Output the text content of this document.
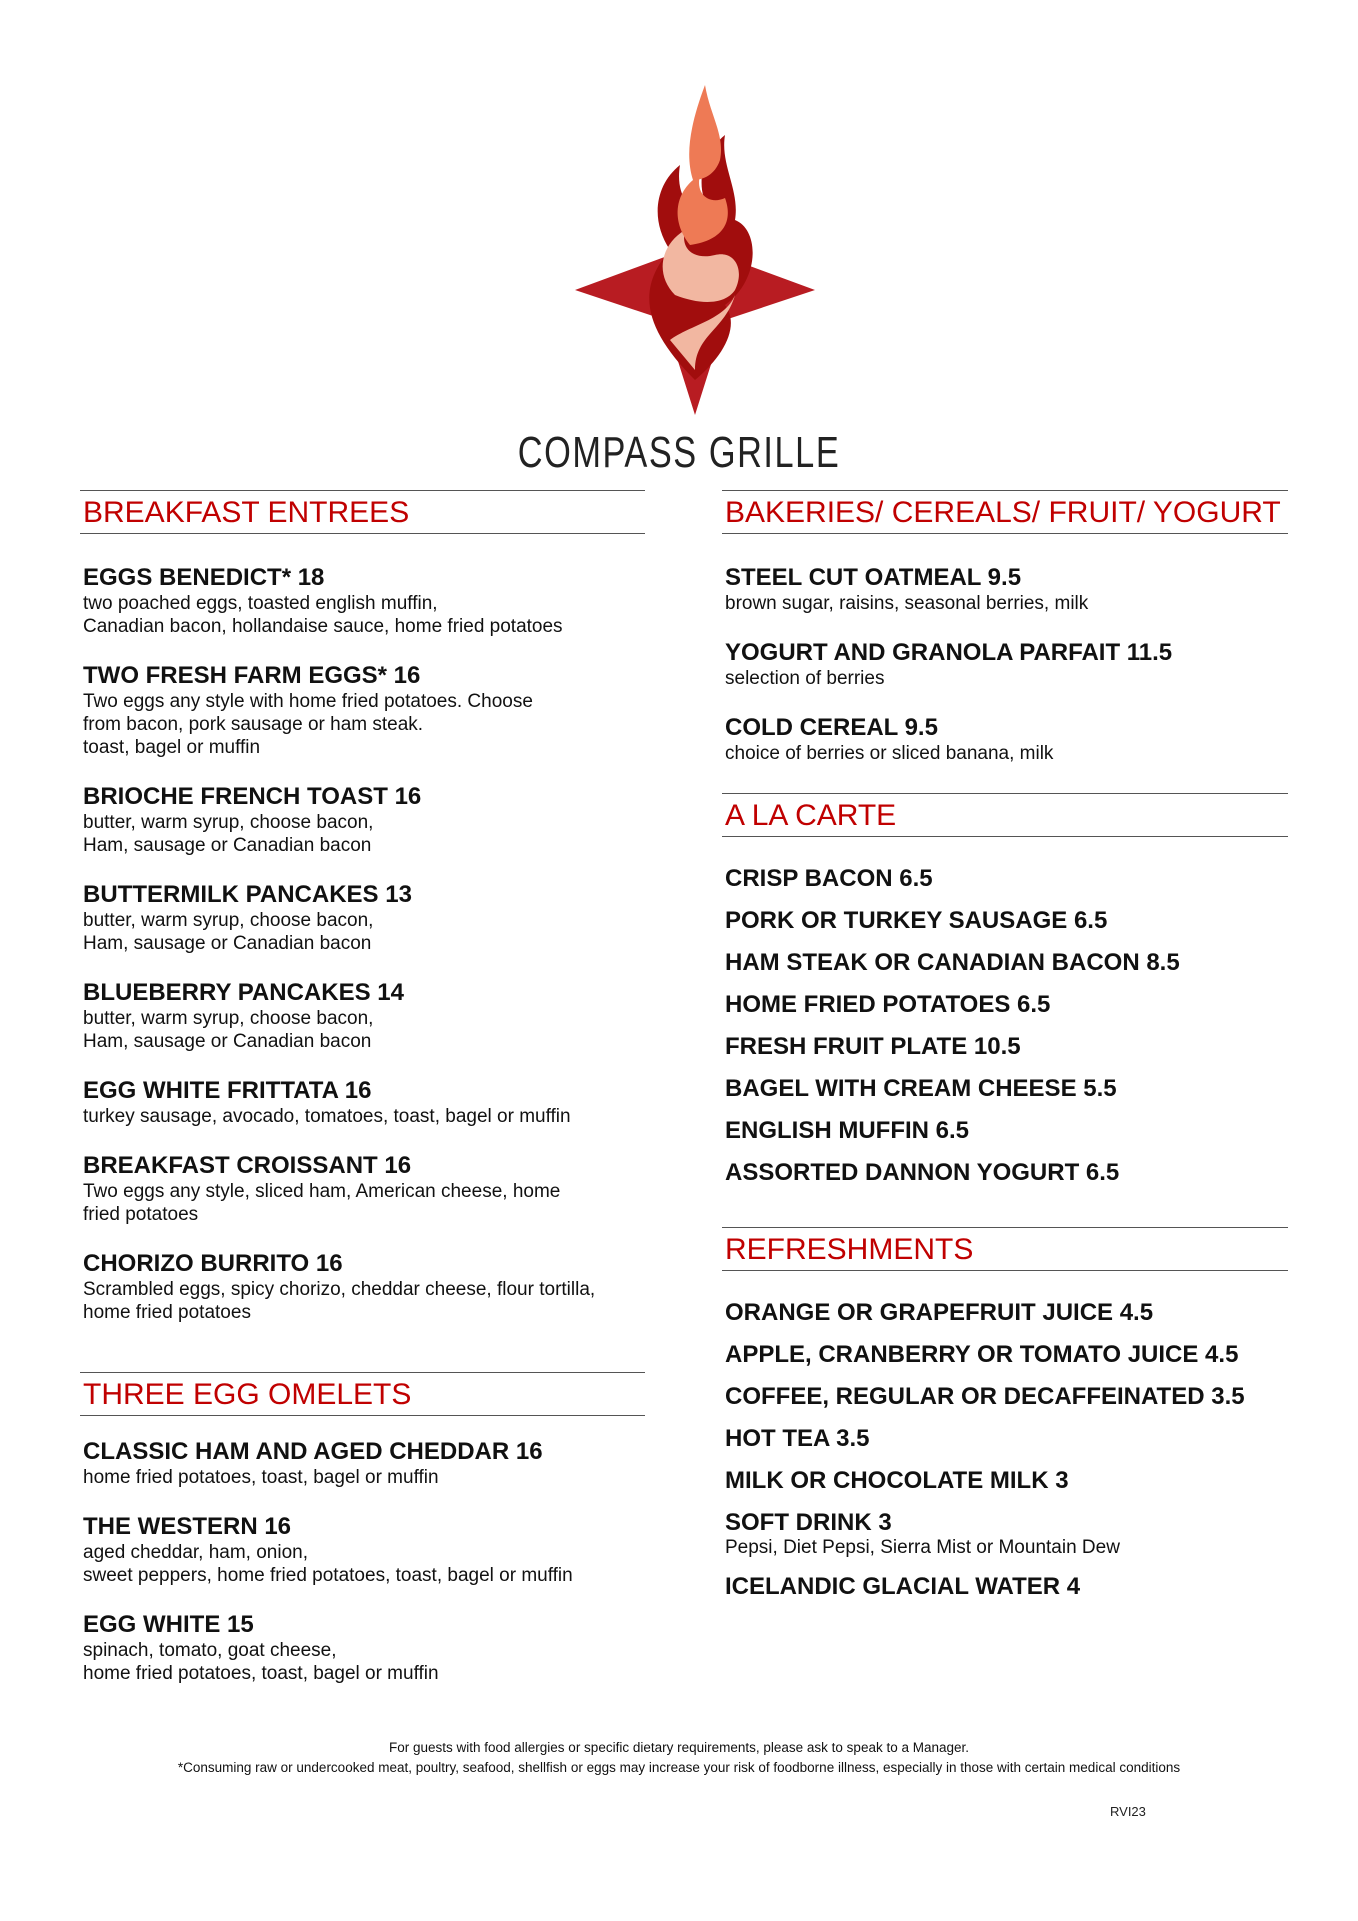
COMPASS GRILLE
BREAKFAST ENTREES
EGGS BENEDICT* 18
two poached eggs, toasted english muffin,
Canadian bacon, hollandaise sauce, home fried potatoes
TWO FRESH FARM EGGS* 16
Two eggs any style with home fried potatoes. Choose
from bacon, pork sausage or ham steak.
toast, bagel or muffin
BRIOCHE FRENCH TOAST 16
butter, warm syrup, choose bacon,
Ham, sausage or Canadian bacon
BUTTERMILK PANCAKES 13
butter, warm syrup, choose bacon,
Ham, sausage or Canadian bacon
BLUEBERRY PANCAKES 14
butter, warm syrup, choose bacon,
Ham, sausage or Canadian bacon
EGG WHITE FRITTATA 16
turkey sausage, avocado, tomatoes, toast, bagel or muffin
BREAKFAST CROISSANT 16
Two eggs any style, sliced ham, American cheese, home
fried potatoes
CHORIZO BURRITO 16
Scrambled eggs, spicy chorizo, cheddar cheese, flour tortilla,
home fried potatoes
THREE EGG OMELETS
CLASSIC HAM AND AGED CHEDDAR 16
home fried potatoes, toast, bagel or muffin
THE WESTERN 16
aged cheddar, ham, onion,
sweet peppers, home fried potatoes, toast, bagel or muffin
EGG WHITE 15
spinach, tomato, goat cheese,
home fried potatoes, toast, bagel or muffin
BAKERIES/ CEREALS/ FRUIT/ YOGURT
STEEL CUT OATMEAL 9.5
brown sugar, raisins, seasonal berries, milk
YOGURT AND GRANOLA PARFAIT 11.5
selection of berries
COLD CEREAL 9.5
choice of berries or sliced banana, milk
A LA CARTE
CRISP BACON 6.5
PORK OR TURKEY SAUSAGE 6.5
HAM STEAK OR CANADIAN BACON 8.5
HOME FRIED POTATOES 6.5
FRESH FRUIT PLATE 10.5
BAGEL WITH CREAM CHEESE 5.5
ENGLISH MUFFIN 6.5
ASSORTED DANNON YOGURT 6.5
REFRESHMENTS
ORANGE OR GRAPEFRUIT JUICE 4.5
APPLE, CRANBERRY OR TOMATO JUICE 4.5
COFFEE, REGULAR OR DECAFFEINATED 3.5
HOT TEA 3.5
MILK OR CHOCOLATE MILK 3
SOFT DRINK 3
Pepsi, Diet Pepsi, Sierra Mist or Mountain Dew
ICELANDIC GLACIAL WATER 4
For guests with food allergies or specific dietary requirements, please ask to speak to a Manager.
*Consuming raw or undercooked meat, poultry, seafood, shellfish or eggs may increase your risk of foodborne illness, especially in those with certain medical conditions
RVI23
